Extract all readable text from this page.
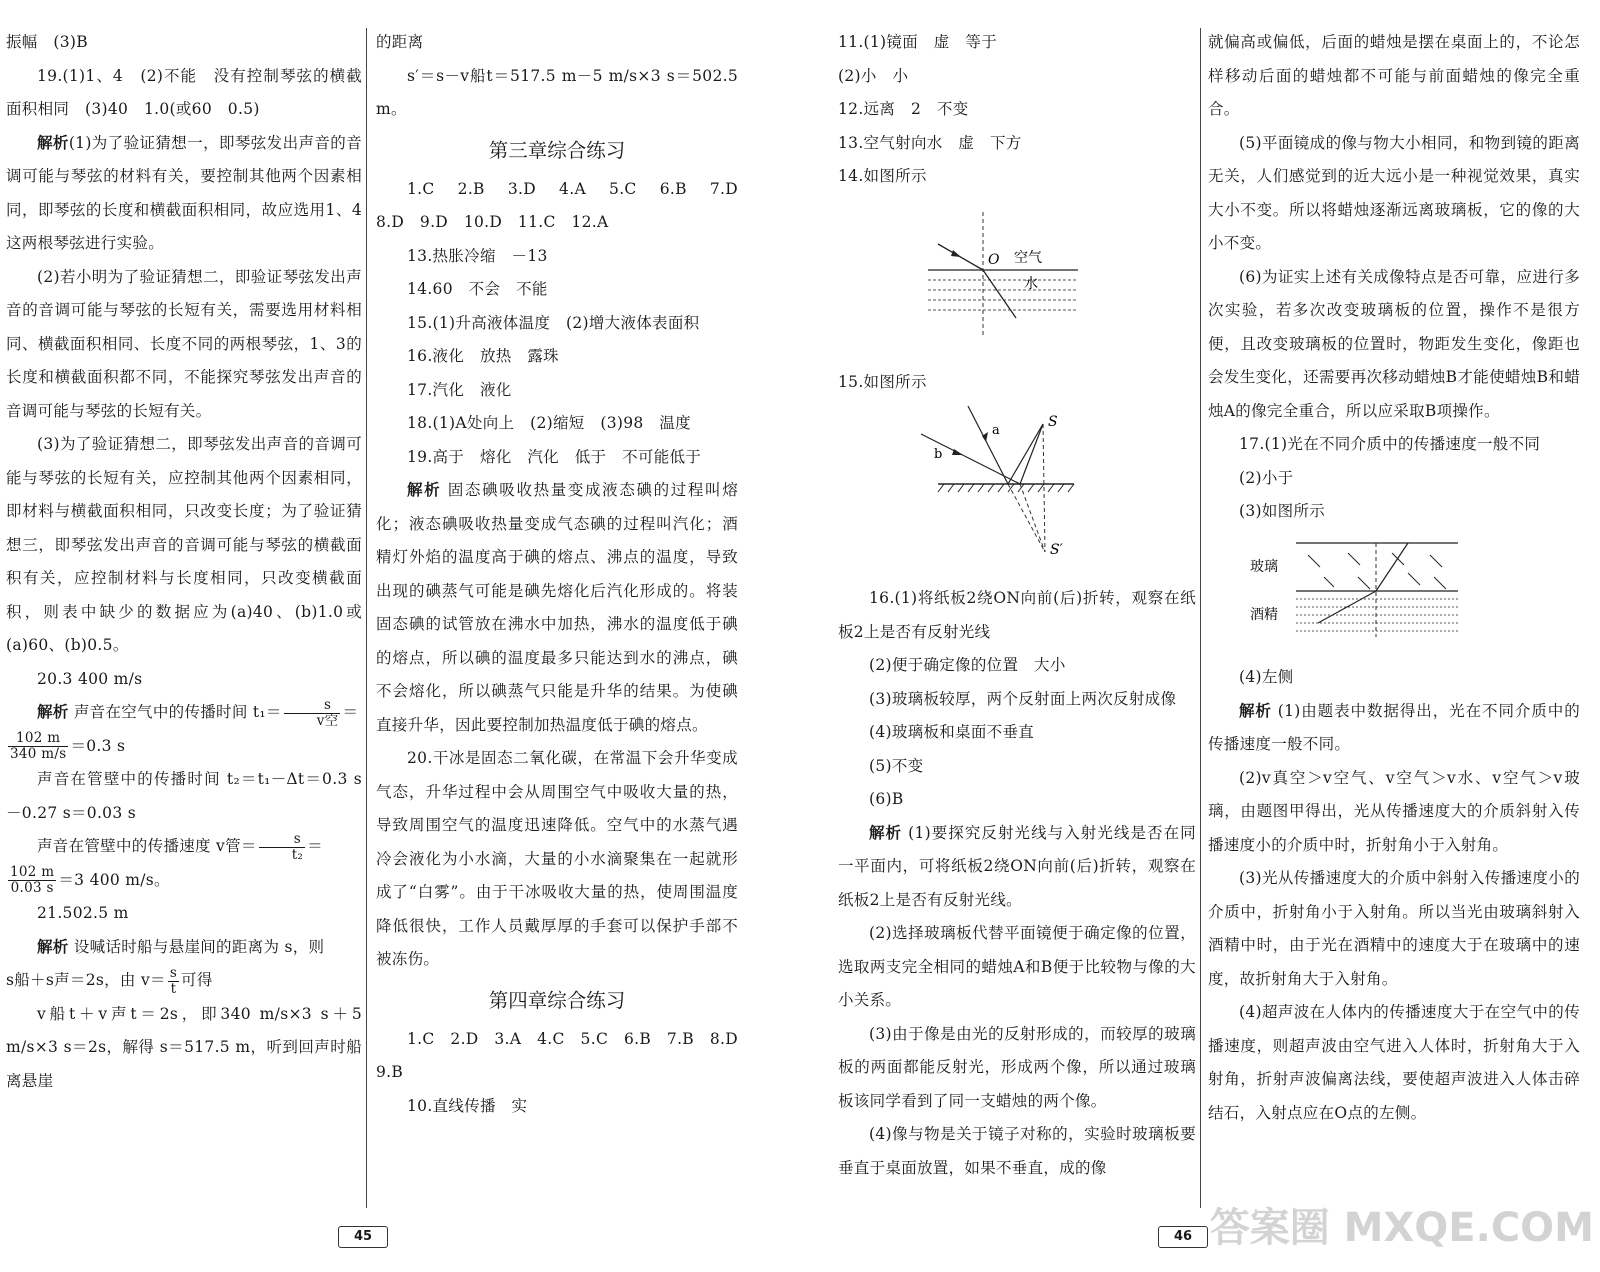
振幅　(3)B

19.(1)1、4　(2)不能　没有控制琴弦的横截面积相同　(3)40　1.0(或60　0.5)

解析(1)为了验证猜想一，即琴弦发出声音的音调可能与琴弦的材料有关，要控制其他两个因素相同，即琴弦的长度和横截面积相同，故应选用1、4这两根琴弦进行实验。

(2)若小明为了验证猜想二，即验证琴弦发出声音的音调可能与琴弦的长短有关，需要选用材料相同、横截面积相同、长度不同的两根琴弦，1、3的长度和横截面积都不同，不能探究琴弦发出声音的音调可能与琴弦的长短有关。

(3)为了验证猜想二，即琴弦发出声音的音调可能与琴弦的长短有关，应控制其他两个因素相同，即材料与横截面积相同，只改变长度；为了验证猜想三，即琴弦发出声音的音调可能与琴弦的横截面积有关，应控制材料与长度相同，只改变横截面积，则表中缺少的数据应为(a)40、(b)1.0或(a)60、(b)0.5。

20.3 400 m/s

解析 声音在空气中的传播时间 $t_1= \frac{s}{\text{v空}}$ ＝

$\frac{102 m}{340 m/s} =0.3$ s

声音在管壁中的传播时间 t₂＝t₁－Δt＝0.3 s－0.27 s＝0.03 s

声音在管壁中的传播速度 v管＝ $\frac{s}{\text{t₂}}$ ＝

$\frac{102 m}{0.03 s} =3$ 400 m/s。

21.502.5 m

解析 设喊话时船与悬崖间的距离为 s，则

s船＋s声＝2s，由 $v= \frac{s}{t}$ 可得

v船t＋v声t＝2s，即340 m/s×3 s＋5 m/s×3 s＝2s，解得 s＝517.5 m，听到回声时船离悬崖

的距离

s′＝s－v船t＝517.5 m－5 m/s×3 s＝502.5 m。

第三章综合练习

1.C　2.B　3.D　4.A　5.C　6.B　7.D　8.D　9.D　10.D　11.C　12.A

13.热胀冷缩　－13

14.60　不会　不能

15.(1)升高液体温度　(2)增大液体表面积

16.液化　放热　露珠

17.汽化　液化

18.(1)A处向上　(2)缩短　(3)98　温度

19.高于　熔化　汽化　低于　不可能低于

解析 固态碘吸收热量变成液态碘的过程叫熔化；液态碘吸收热量变成气态碘的过程叫汽化；酒精灯外焰的温度高于碘的熔点、沸点的温度，导致出现的碘蒸气可能是碘先熔化后汽化形成的。将装固态碘的试管放在沸水中加热，沸水的温度低于碘的熔点，所以碘的温度最多只能达到水的沸点，碘不会熔化，所以碘蒸气只能是升华的结果。为使碘直接升华，因此要控制加热温度低于碘的熔点。

20.干冰是固态二氧化碳，在常温下会升华变成气态，升华过程中会从周围空气中吸收大量的热，导致周围空气的温度迅速降低。空气中的水蒸气遇冷会液化为小水滴，大量的小水滴聚集在一起就形成了“白雾”。由于干冰吸收大量的热，使周围温度降低很快，工作人员戴厚厚的手套可以保护手部不被冻伤。

第四章综合练习

1.C　2.D　3.A　4.C　5.C　6.B　7.B　8.D　9.B

10.直线传播　实

11.(1)镜面　虚　等于

(2)小　小

12.远离　2　不变

13.空气射向水　虚　下方

14.如图所示

O 空气
水

15.如图所示

S
S′
a
b

16.(1)将纸板2绕ON向前(后)折转，观察在纸板2上是否有反射光线

(2)便于确定像的位置　大小

(3)玻璃板较厚，两个反射面上两次反射成像

(4)玻璃板和桌面不垂直

(5)不变

(6)B

解析 (1)要探究反射光线与入射光线是否在同一平面内，可将纸板2绕ON向前(后)折转，观察在纸板2上是否有反射光线。

(2)选择玻璃板代替平面镜便于确定像的位置，选取两支完全相同的蜡烛A和B便于比较物与像的大小关系。

(3)由于像是由光的反射形成的，而较厚的玻璃板的两面都能反射光，形成两个像，所以通过玻璃板该同学看到了同一支蜡烛的两个像。

(4)像与物是关于镜子对称的，实验时玻璃板要垂直于桌面放置，如果不垂直，成的像

就偏高或偏低，后面的蜡烛是摆在桌面上的，不论怎样移动后面的蜡烛都不可能与前面蜡烛的像完全重合。

(5)平面镜成的像与物大小相同，和物到镜的距离无关，人们感觉到的近大远小是一种视觉效果，真实大小不变。所以将蜡烛逐渐远离玻璃板，它的像的大小不变。

(6)为证实上述有关成像特点是否可靠，应进行多次实验，若多次改变玻璃板的位置，操作不是很方便，且改变玻璃板的位置时，物距发生变化，像距也会发生变化，还需要再次移动蜡烛B才能使蜡烛B和蜡烛A的像完全重合，所以应采取B项操作。

17.(1)光在不同介质中的传播速度一般不同

(2)小于

(3)如图所示

玻璃
酒精

(4)左侧

解析 (1)由题表中数据得出，光在不同介质中的传播速度一般不同。

(2)v真空＞v空气、v空气＞v水、v空气＞v玻璃，由题图甲得出，光从传播速度大的介质斜射入传播速度小的介质中时，折射角小于入射角。

(3)光从传播速度大的介质中斜射入传播速度小的介质中，折射角小于入射角。所以当光由玻璃斜射入酒精中时，由于光在酒精中的速度大于在玻璃中的速度，故折射角大于入射角。

(4)超声波在人体内的传播速度大于在空气中的传播速度，则超声波由空气进入人体时，折射角大于入射角，折射声波偏离法线，要使超声波进入人体击碎结石，入射点应在O点的左侧。

45	46 答案圈 MXQE.COM
